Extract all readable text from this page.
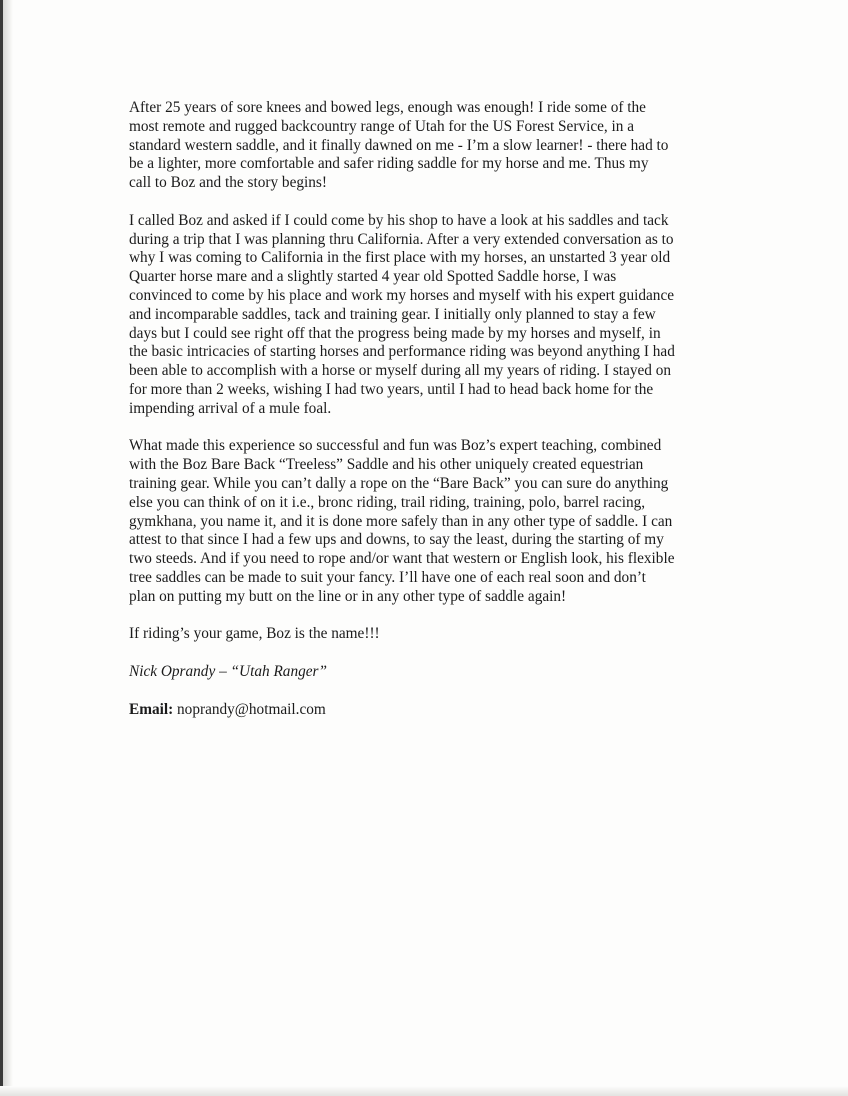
After 25 years of sore knees and bowed legs, enough was enough! I ride some of the
most remote and rugged backcountry range of Utah for the US Forest Service, in a
standard western saddle, and it finally dawned on me - I’m a slow learner! - there had to
be a lighter, more comfortable and safer riding saddle for my horse and me. Thus my
call to Boz and the story begins!

I called Boz and asked if I could come by his shop to have a look at his saddles and tack
during a trip that I was planning thru California. After a very extended conversation as to
why I was coming to California in the first place with my horses, an unstarted 3 year old
Quarter horse mare and a slightly started 4 year old Spotted Saddle horse, I was
convinced to come by his place and work my horses and myself with his expert guidance
and incomparable saddles, tack and training gear. I initially only planned to stay a few
days but I could see right off that the progress being made by my horses and myself, in
the basic intricacies of starting horses and performance riding was beyond anything I had
been able to accomplish with a horse or myself during all my years of riding. I stayed on
for more than 2 weeks, wishing I had two years, until I had to head back home for the
impending arrival of a mule foal.

What made this experience so successful and fun was Boz’s expert teaching, combined
with the Boz Bare Back “Treeless” Saddle and his other uniquely created equestrian
training gear. While you can’t dally a rope on the “Bare Back” you can sure do anything
else you can think of on it i.e., bronc riding, trail riding, training, polo, barrel racing,
gymkhana, you name it, and it is done more safely than in any other type of saddle. I can
attest to that since I had a few ups and downs, to say the least, during the starting of my
two steeds. And if you need to rope and/or want that western or English look, his flexible
tree saddles can be made to suit your fancy. I’ll have one of each real soon and don’t
plan on putting my butt on the line or in any other type of saddle again!

If riding’s your game, Boz is the name!!!

Nick Oprandy – “Utah Ranger”

Email: noprandy@hotmail.com
